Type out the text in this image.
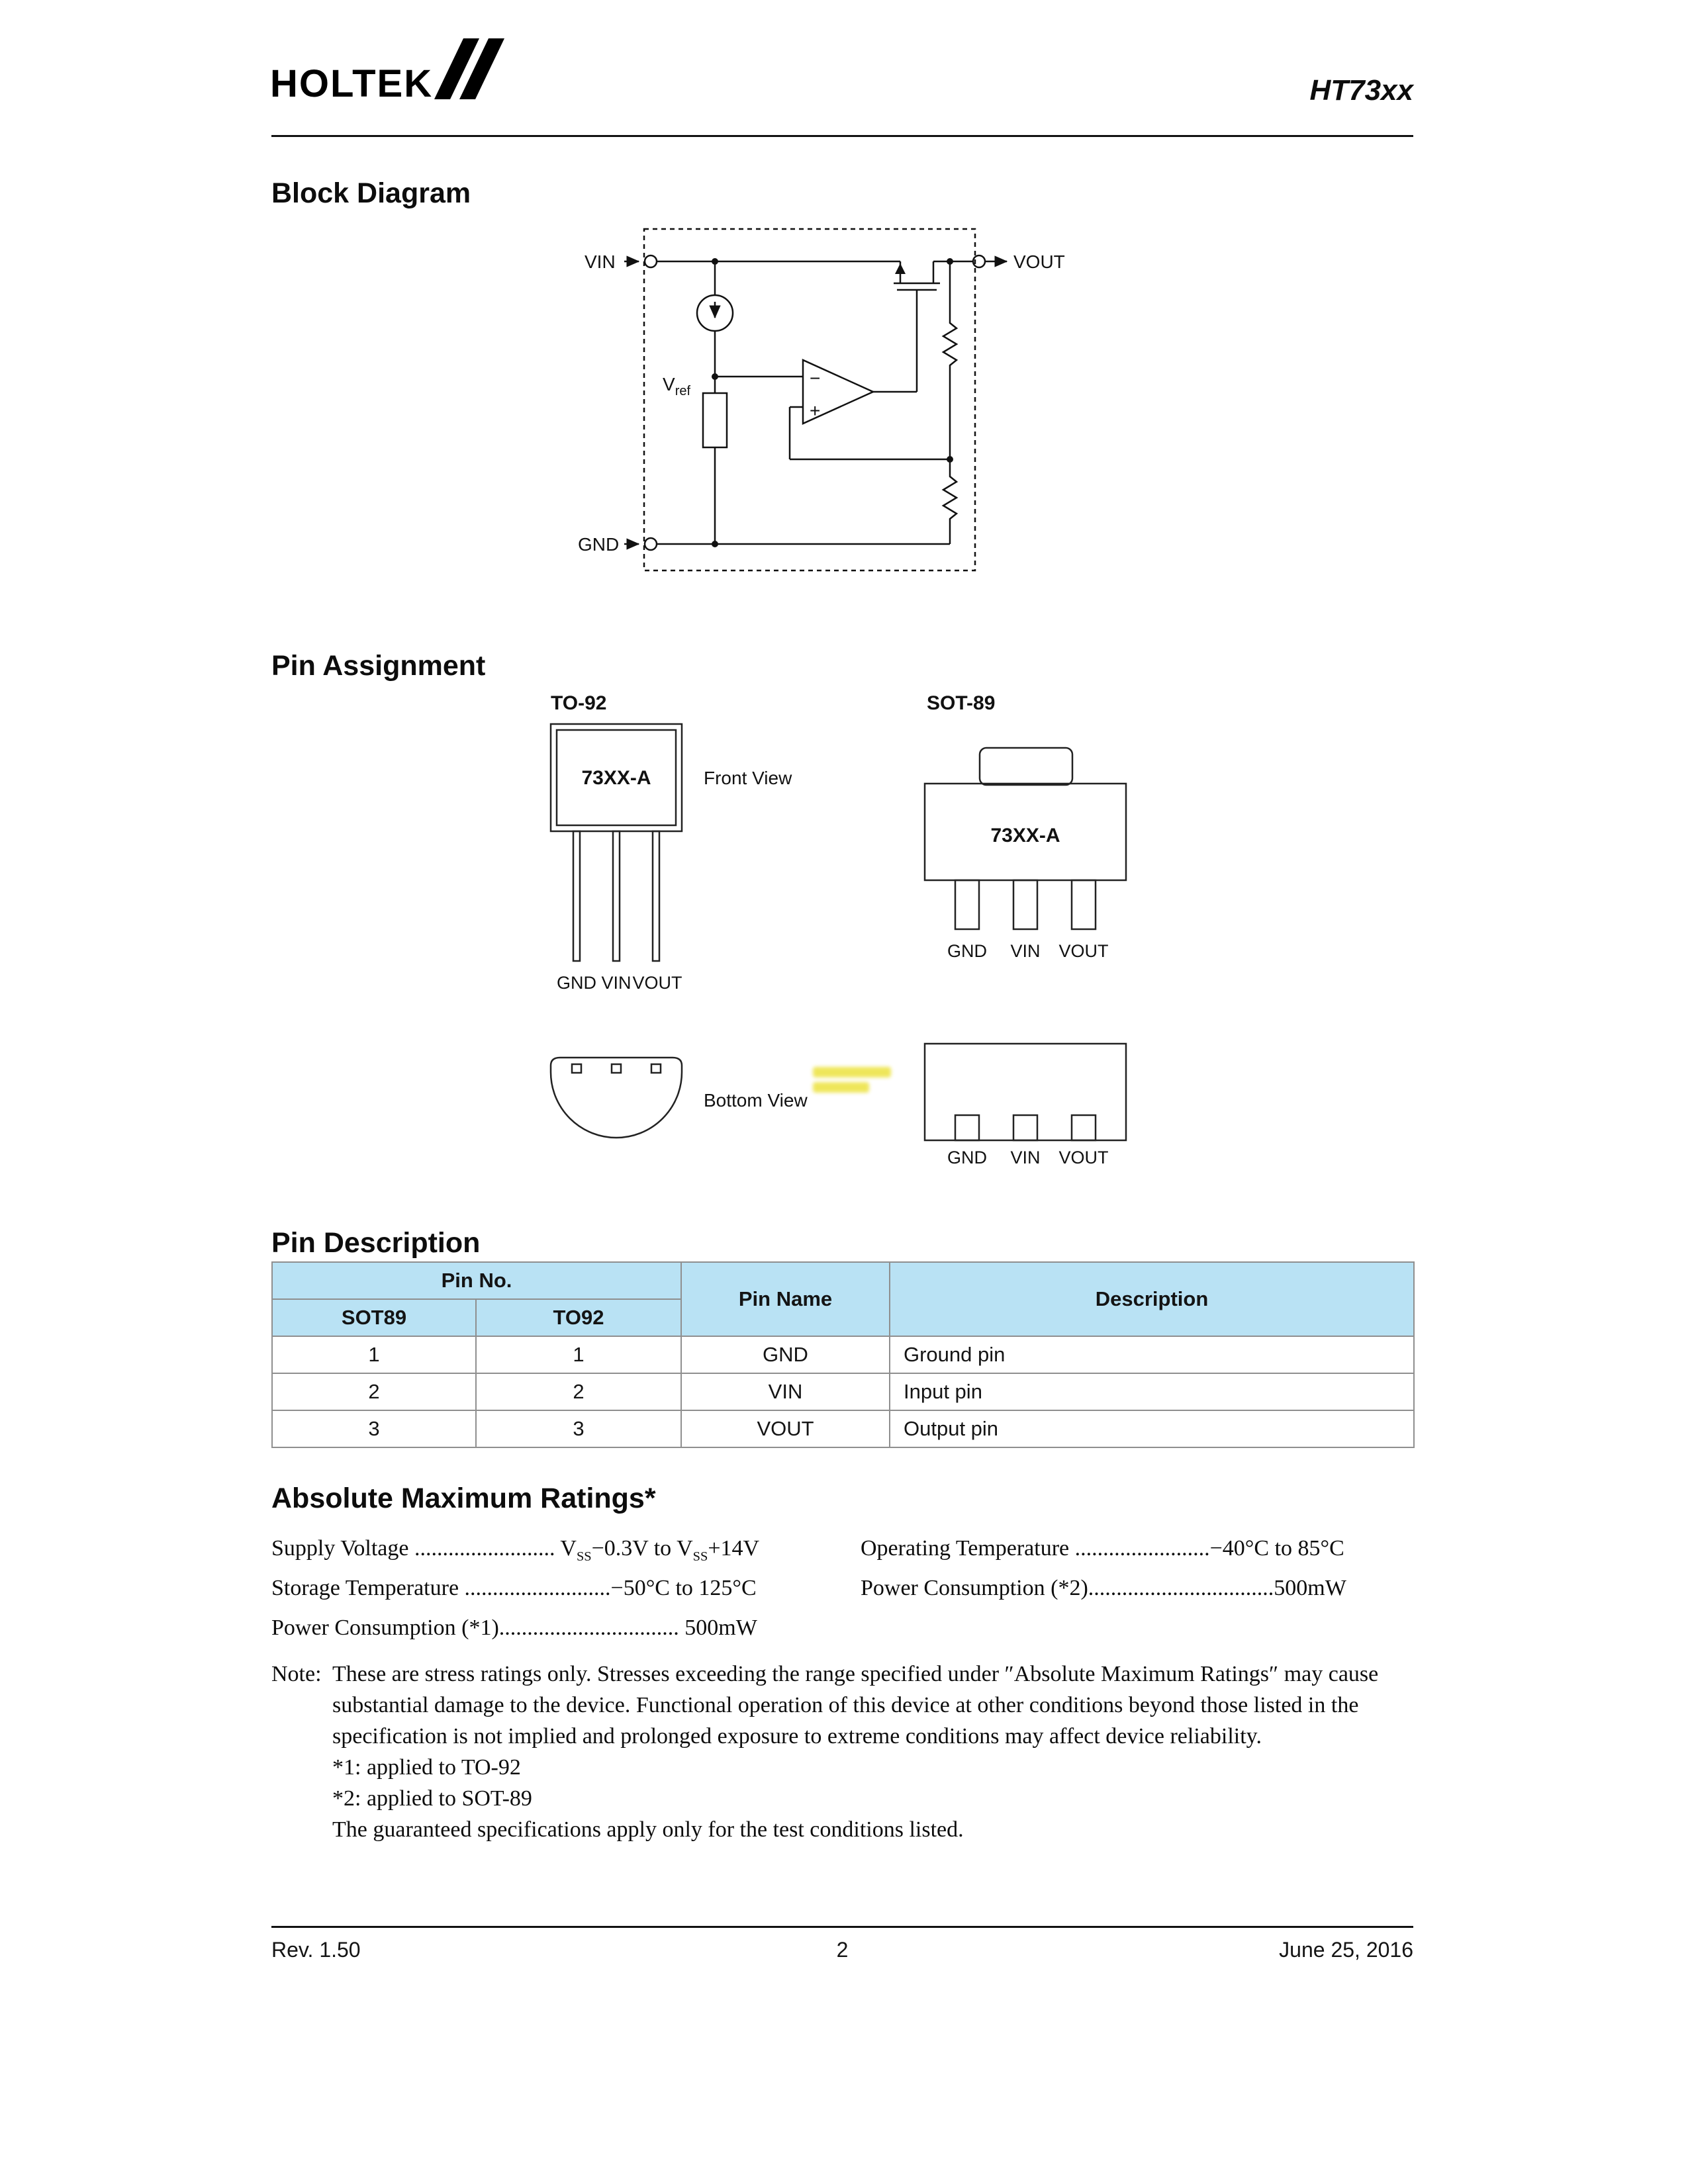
HOLTEK	HT73xx
Block Diagram
VIN	VOUT
GND
$V_{ref}$
−
+
Pin Assignment
TO-92	SOT-89
73XX-A
73XX-A
Front View
Bottom View
GND VIN VOUT
GND VIN VOUT
GND VIN VOUT
Pin Description
Pin No.		Pin Name	Description
SOT89	TO92		
1	1	GND	Ground pin
2	2	VIN	Input pin
3	3	VOUT	Output pin
Absolute Maximum Ratings*
Supply Voltage ......................... $V_{SS}-0.3V$ to $V_{SS}+14V$
Storage Temperature ..........................−50°C to 125°C
Power Consumption (*1)................................ 500mW
Operating Temperature ........................−40°C to 85°C
Power Consumption (*2).................................500mW
Note: These are stress ratings only. Stresses exceeding the range specified under ″Absolute Maximum Ratings″ may cause substantial damage to the device. Functional operation of this device at other conditions beyond those listed in the specification is not implied and prolonged exposure to extreme conditions may affect device reliability.
*1: applied to TO-92
*2: applied to SOT-89
The guaranteed specifications apply only for the test conditions listed.
Rev. 1.50	2	June 25, 2016
